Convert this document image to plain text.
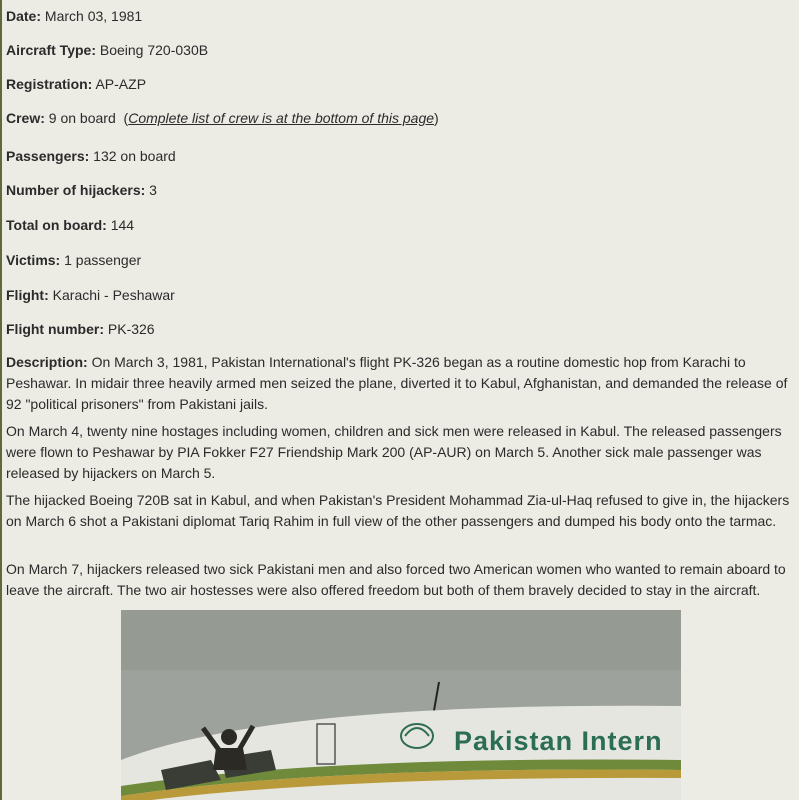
Date: March 03, 1981
Aircraft Type: Boeing 720-030B
Registration: AP-AZP
Crew: 9 on board (Complete list of crew is at the bottom of this page)
Passengers: 132 on board
Number of hijackers: 3
Total on board: 144
Victims: 1 passenger
Flight: Karachi - Peshawar
Flight number: PK-326
Description: On March 3, 1981, Pakistan International's flight PK-326 began as a routine domestic hop from Karachi to Peshawar. In midair three heavily armed men seized the plane, diverted it to Kabul, Afghanistan, and demanded the release of 92 "political prisoners" from Pakistani jails.
On March 4, twenty nine hostages including women, children and sick men were released in Kabul. The released passengers were flown to Peshawar by PIA Fokker F27 Friendship Mark 200 (AP-AUR) on March 5. Another sick male passenger was released by hijackers on March 5.
The hijacked Boeing 720B sat in Kabul, and when Pakistan's President Mohammad Zia-ul-Haq refused to give in, the hijackers on March 6 shot a Pakistani diplomat Tariq Rahim in full view of the other passengers and dumped his body onto the tarmac.
On March 7, hijackers released two sick Pakistani men and also forced two American women who wanted to remain aboard to leave the aircraft. The two air hostesses were also offered freedom but both of them bravely decided to stay in the aircraft.
Pakistan Intern
